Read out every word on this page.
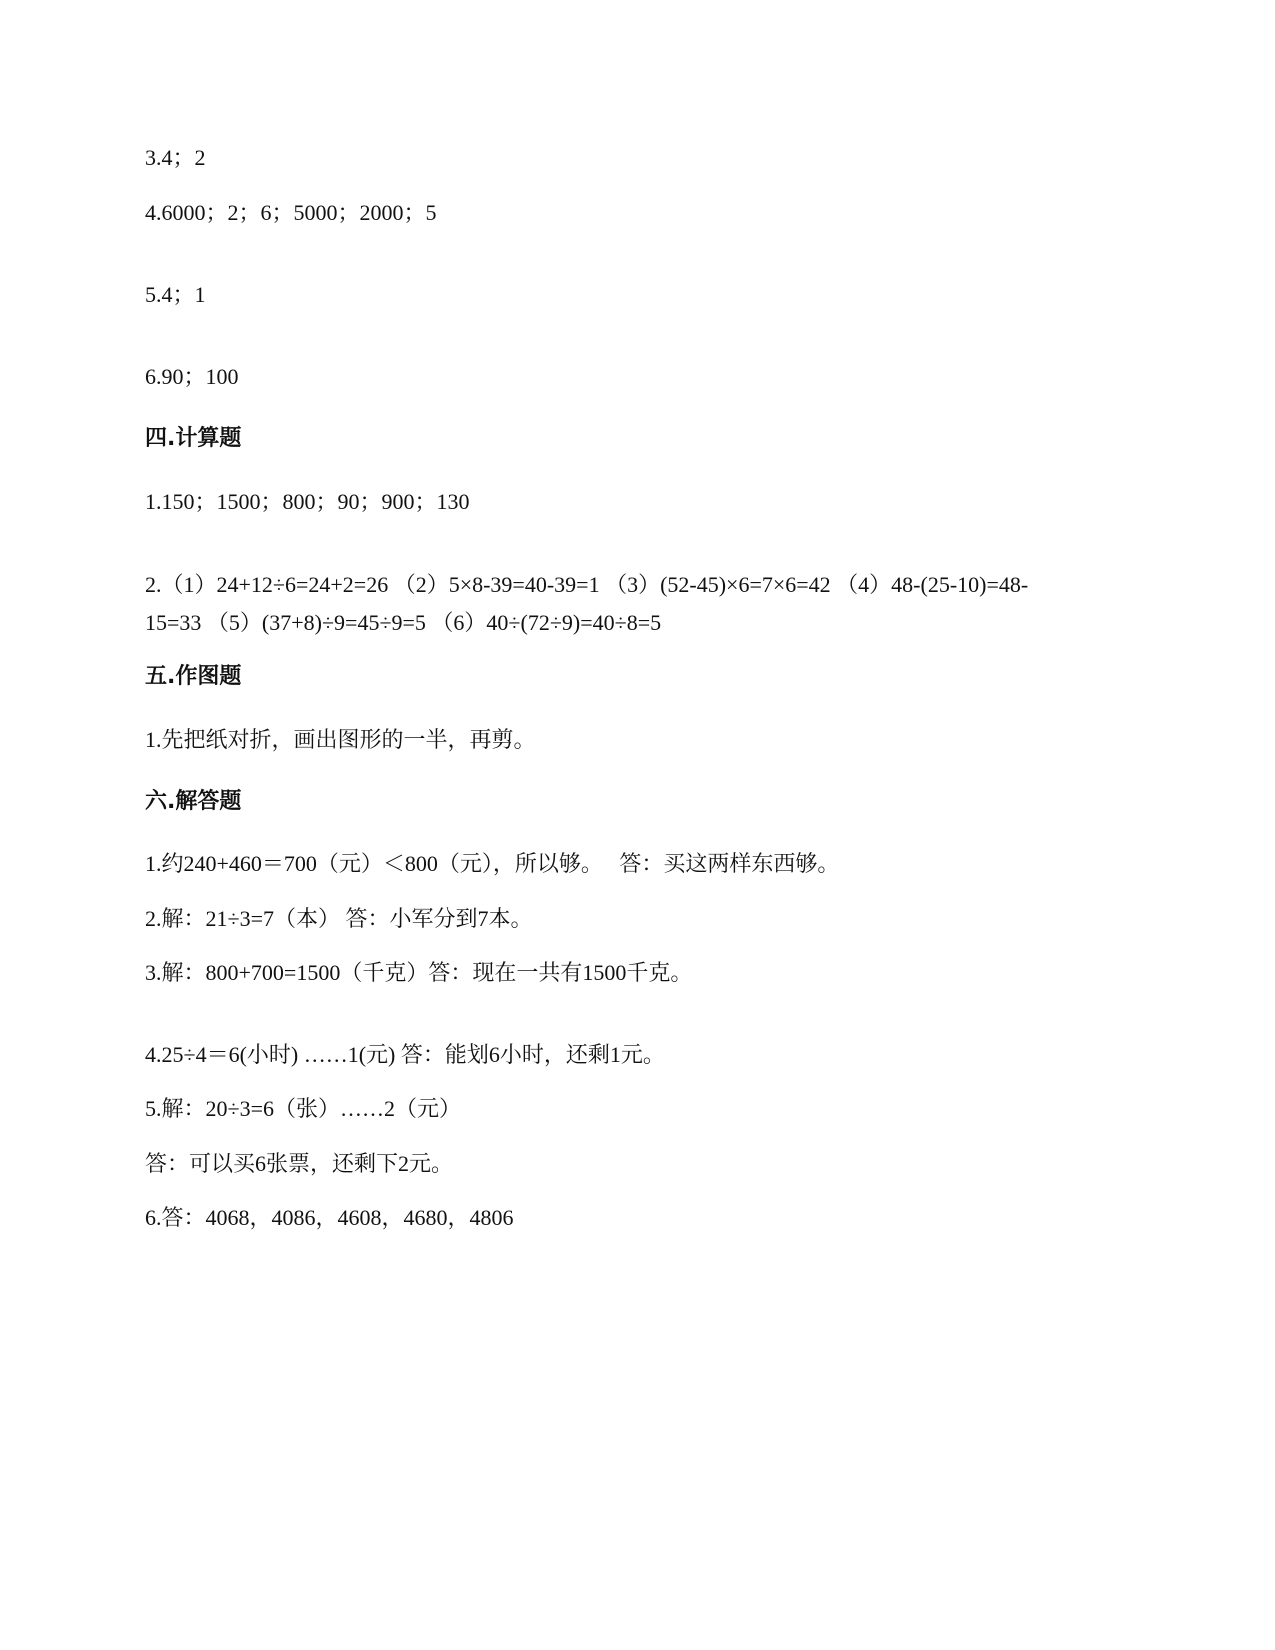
3.4；2
4.6000；2；6；5000；2000；5
5.4；1
6.90；100
四.计算题
1.150；1500；800；90；900；130
2.（1）24+12÷6=24+2=26 （2）5×8-39=40-39=1 （3）(52-45)×6=7×6=42 （4）48-(25-10)=48-15=33 （5）(37+8)÷9=45÷9=5 （6）40÷(72÷9)=40÷8=5
五.作图题
1.先把纸对折，画出图形的一半，再剪。
六.解答题
1.约240+460＝700（元）＜800（元），所以够。   答：买这两样东西够。
2.解：21÷3=7（本） 答：小军分到7本。
3.解：800+700=1500（千克）答：现在一共有1500千克。
4.25÷4＝6(小时) ……1(元) 答：能划6小时，还剩1元。
5.解：20÷3=6（张）……2（元）
答：可以买6张票，还剩下2元。
6.答：4068，4086，4608，4680，4806
